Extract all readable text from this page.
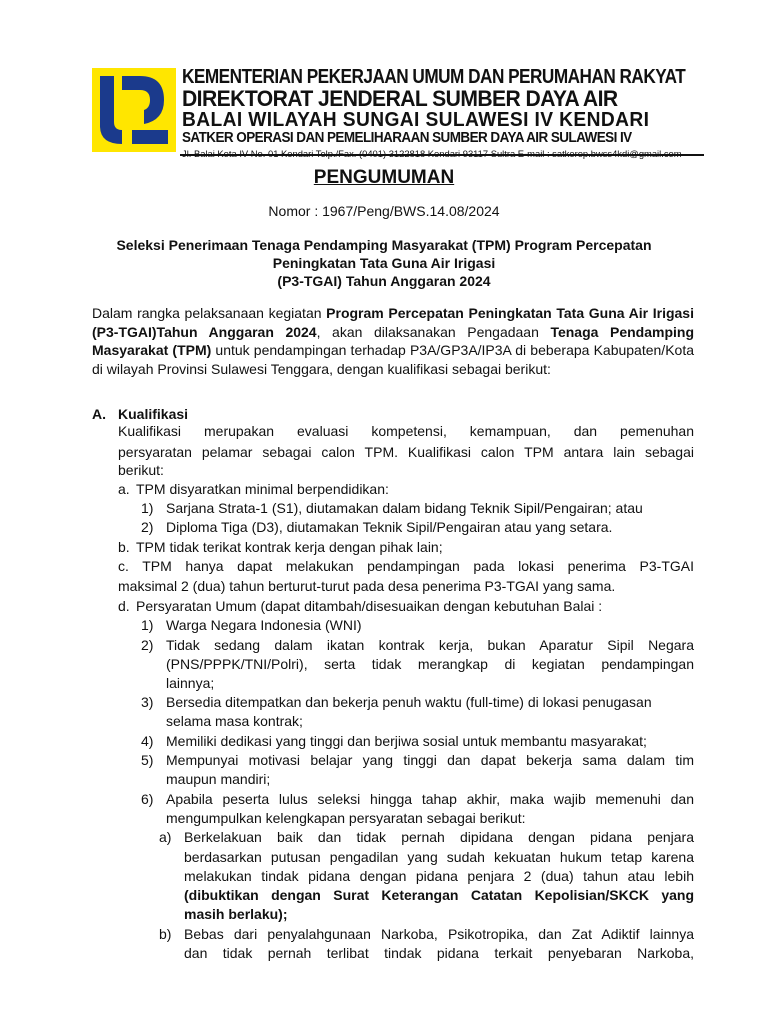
KEMENTERIAN PEKERJAAN UMUM DAN PERUMAHAN RAKYAT
DIREKTORAT JENDERAL SUMBER DAYA AIR
BALAI WILAYAH SUNGAI SULAWESI IV KENDARI
SATKER OPERASI DAN PEMELIHARAAN SUMBER DAYA AIR SULAWESI IV
Jl. Balai Kota IV No. 01 Kendari Telp./Fax. (0401) 3122818 Kendari 93117 Sultra E-mail : satkerop.bwss4kdi@gmail.com
PENGUMUMAN
Nomor : 1967/Peng/BWS.14.08/2024
Seleksi Penerimaan Tenaga Pendamping Masyarakat (TPM) Program Percepatan
Peningkatan Tata Guna Air Irigasi
(P3-TGAI) Tahun Anggaran 2024
Dalam rangka pelaksanaan kegiatan Program Percepatan Peningkatan Tata Guna Air Irigasi (P3-TGAI)Tahun Anggaran 2024, akan dilaksanakan Pengadaan Tenaga Pendamping Masyarakat (TPM) untuk pendampingan terhadap P3A/GP3A/IP3A di beberapa Kabupaten/Kota di wilayah Provinsi Sulawesi Tenggara, dengan kualifikasi sebagai berikut:
A. Kualifikasi
Kualifikasi merupakan evaluasi kompetensi, kemampuan, dan pemenuhan
persyaratan pelamar sebagai calon TPM. Kualifikasi calon TPM antara lain sebagai
berikut:
a. TPM disyaratkan minimal berpendidikan:
1) Sarjana Strata-1 (S1), diutamakan dalam bidang Teknik Sipil/Pengairan; atau
2) Diploma Tiga (D3), diutamakan Teknik Sipil/Pengairan atau yang setara.
b. TPM tidak terikat kontrak kerja dengan pihak lain;
c. TPM hanya dapat melakukan pendampingan pada lokasi penerima P3-TGAI
maksimal 2 (dua) tahun berturut-turut pada desa penerima P3-TGAI yang sama.
d. Persyaratan Umum (dapat ditambah/disesuaikan dengan kebutuhan Balai :
1) Warga Negara Indonesia (WNI)
2) Tidak sedang dalam ikatan kontrak kerja, bukan Aparatur Sipil Negara
(PNS/PPPK/TNI/Polri), serta tidak merangkap di kegiatan pendampingan
lainnya;
3) Bersedia ditempatkan dan bekerja penuh waktu (full-time) di lokasi penugasan
selama masa kontrak;
4) Memiliki dedikasi yang tinggi dan berjiwa sosial untuk membantu masyarakat;
5) Mempunyai motivasi belajar yang tinggi dan dapat bekerja sama dalam tim
maupun mandiri;
6) Apabila peserta lulus seleksi hingga tahap akhir, maka wajib memenuhi dan
mengumpulkan kelengkapan persyaratan sebagai berikut:
a) Berkelakuan baik dan tidak pernah dipidana dengan pidana penjara
berdasarkan putusan pengadilan yang sudah kekuatan hukum tetap karena
melakukan tindak pidana dengan pidana penjara 2 (dua) tahun atau lebih
(dibuktikan dengan Surat Keterangan Catatan Kepolisian/SKCK yang
masih berlaku);
b) Bebas dari penyalahgunaan Narkoba, Psikotropika, dan Zat Adiktif lainnya
dan tidak pernah terlibat tindak pidana terkait penyebaran Narkoba,
